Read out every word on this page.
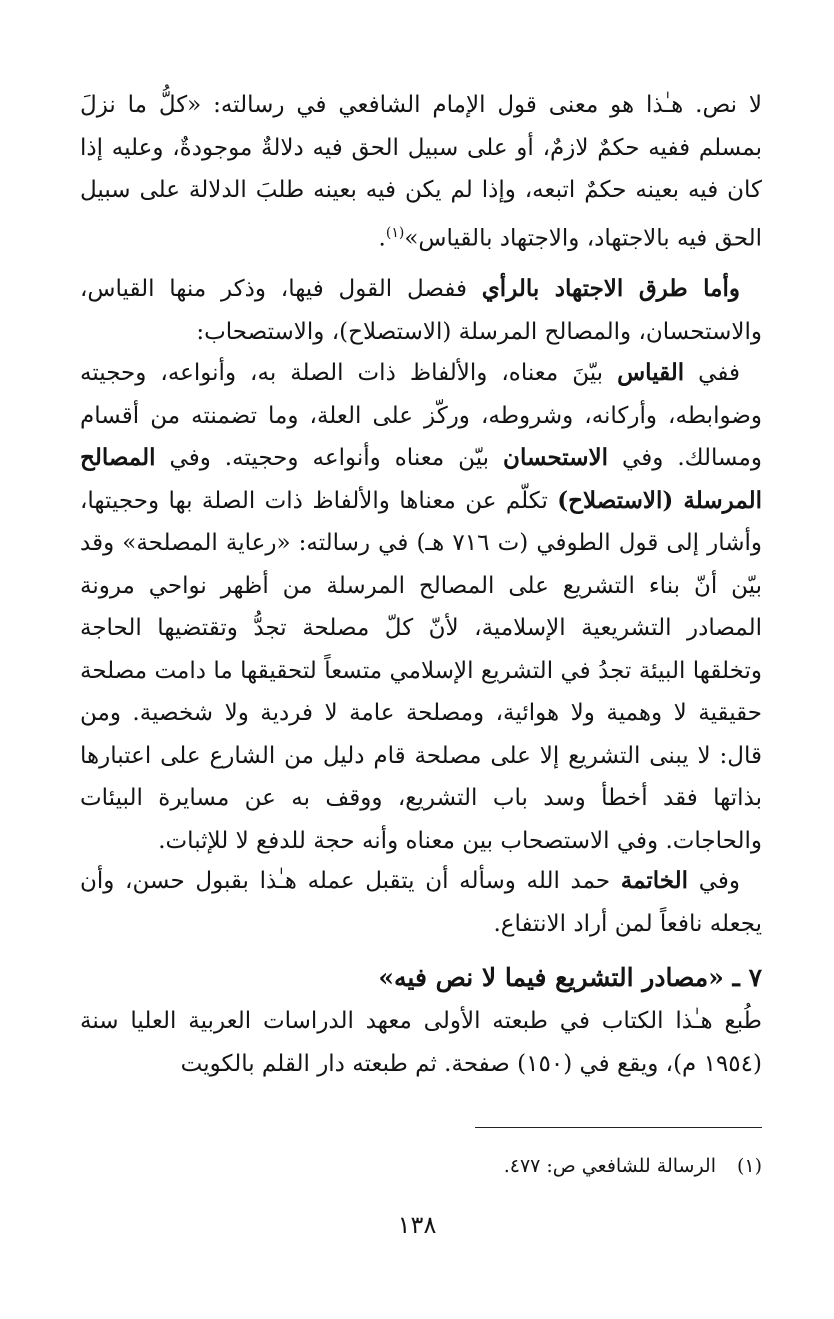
لا نص. هـٰذا هو معنى قول الإمام الشافعي في رسالته: «كلُّ ما نزلَ بمسلم ففيه حكمٌ لازمٌ، أو على سبيل الحق فيه دلالةٌ موجودةٌ، وعليه إذا كان فيه بعينه حكمٌ اتبعه، وإذا لم يكن فيه بعينه طلبَ الدلالة على سبيل الحق فيه بالاجتهاد، والاجتهاد بالقياس»$^{(١)}$.

وأما طرق الاجتهاد بالرأي ففصل القول فيها، وذكر منها القياس، والاستحسان، والمصالح المرسلة (الاستصلاح)، والاستصحاب:

ففي القياس بيّنَ معناه، والألفاظ ذات الصلة به، وأنواعه، وحجيته وضوابطه، وأركانه، وشروطه، وركّز على العلة، وما تضمنته من أقسام ومسالك. وفي الاستحسان بيّن معناه وأنواعه وحجيته. وفي المصالح المرسلة (الاستصلاح) تكلّم عن معناها والألفاظ ذات الصلة بها وحجيتها، وأشار إلى قول الطوفي (ت ٧١٦ هـ) في رسالته: «رعاية المصلحة» وقد بيّن أنّ بناء التشريع على المصالح المرسلة من أظهر نواحي مرونة المصادر التشريعية الإسلامية، لأنّ كلّ مصلحة تجدُّ وتقتضيها الحاجة وتخلقها البيئة تجدُ في التشريع الإسلامي متسعاً لتحقيقها ما دامت مصلحة حقيقية لا وهمية ولا هوائية، ومصلحة عامة لا فردية ولا شخصية. ومن قال: لا يبنى التشريع إلا على مصلحة قام دليل من الشارع على اعتبارها بذاتها فقد أخطأ وسد باب التشريع، ووقف به عن مسايرة البيئات والحاجات. وفي الاستصحاب بين معناه وأنه حجة للدفع لا للإثبات.

وفي الخاتمة حمد الله وسأله أن يتقبل عمله هـٰذا بقبول حسن، وأن يجعله نافعاً لمن أراد الانتفاع.

٧ ـ «مصادر التشريع فيما لا نص فيه»

طُبع هـٰذا الكتاب في طبعته الأولى معهد الدراسات العربية العليا سنة (١٩٥٤ م)، ويقع في (١٥٠) صفحة. ثم طبعته دار القلم بالكويت

(١)الرسالة للشافعي ص: ٤٧٧.
١٣٨
